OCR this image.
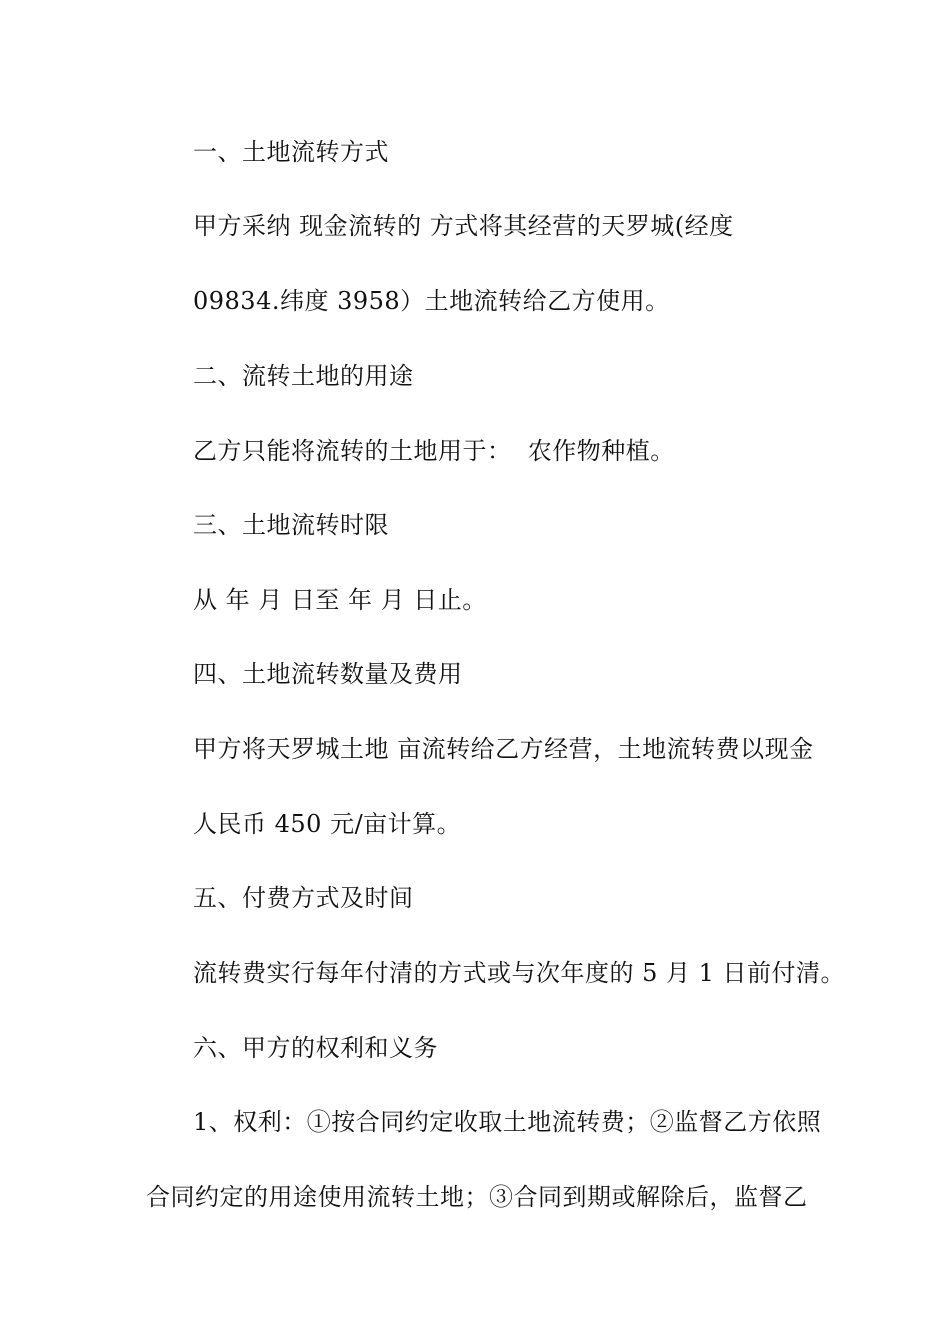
一、土地流转方式
甲方采纳 现金流转的 方式将其经营的天罗城(经度
09834.纬度 3958）土地流转给乙方使用。
二、流转土地的用途
乙方只能将流转的土地用于：  农作物种植。
三、土地流转时限
从 年 月 日至 年 月 日止。
四、土地流转数量及费用
甲方将天罗城土地 亩流转给乙方经营，土地流转费以现金
人民币 450 元/亩计算。
五、付费方式及时间
流转费实行每年付清的方式或与次年度的 5 月 1 日前付清。
六、甲方的权利和义务
1、权利：①按合同约定收取土地流转费；②监督乙方依照
合同约定的用途使用流转土地；③合同到期或解除后，监督乙
